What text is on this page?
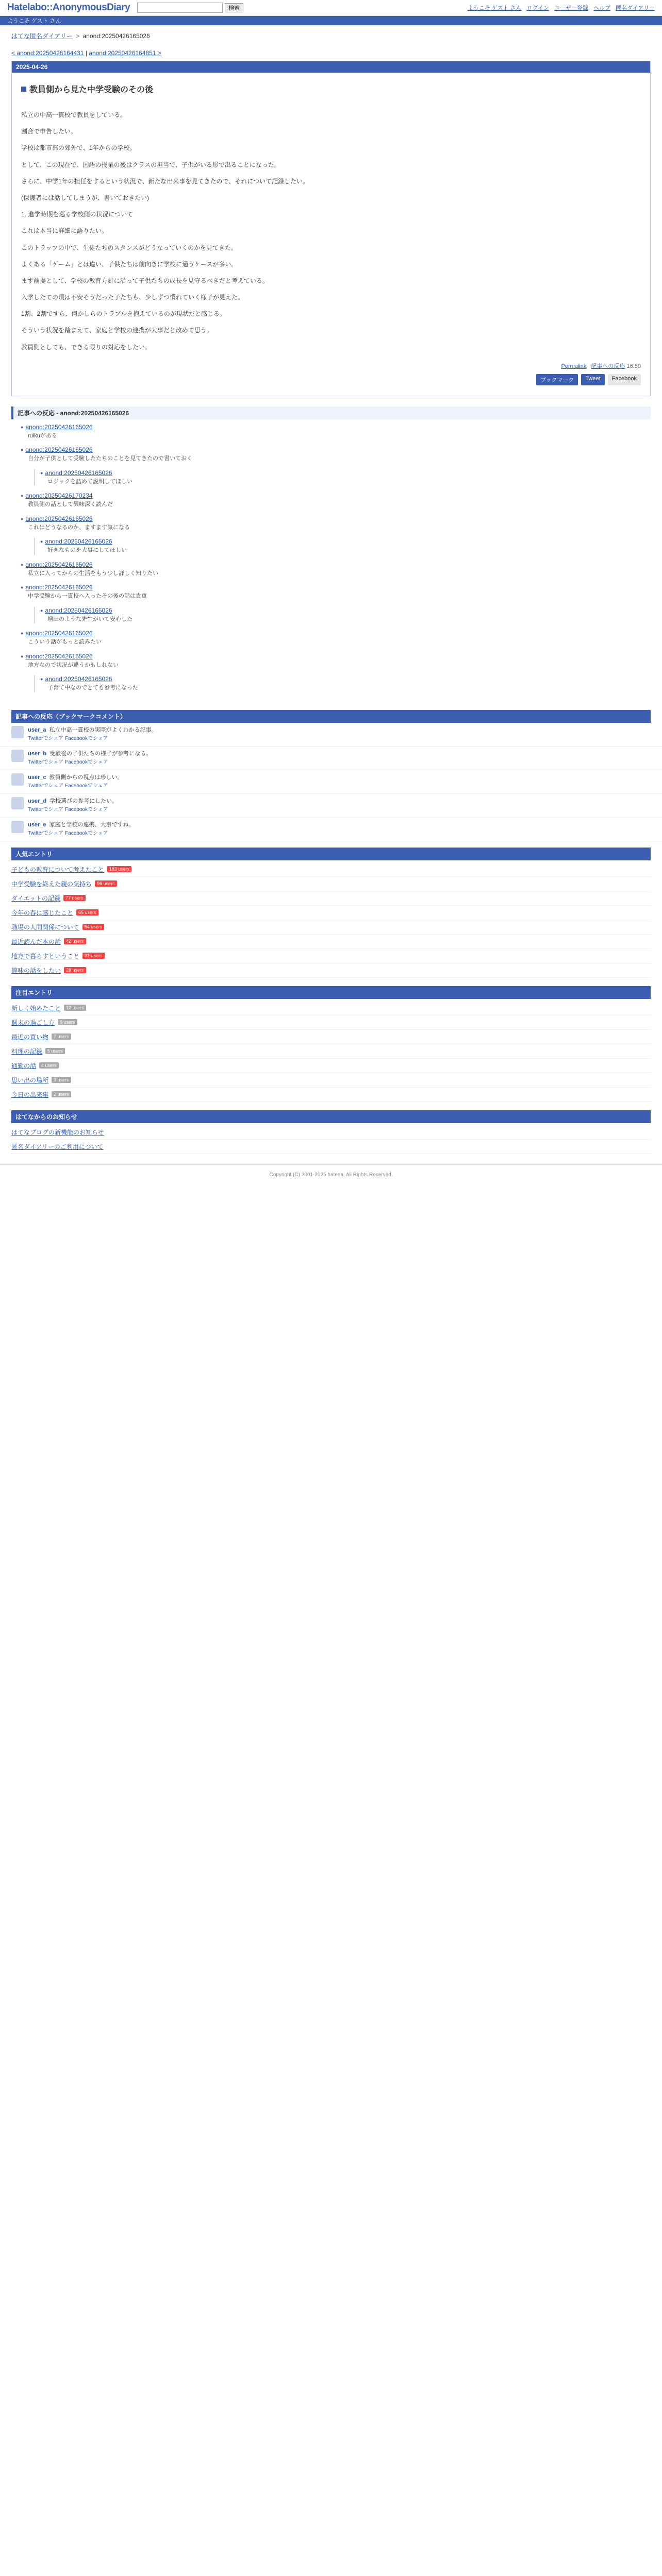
Hatelabo::AnonymousDiary	検索	ようこそ ゲスト さん ログイン ユーザー登録 ヘルプ 匿名ダイアリー
ようこそ ゲスト さん
はてな匿名ダイアリー > anond:20250426165026
< anond:20250426164431 | anond:20250426164851 >
2025-04-26
教員側から見た中学受験のその後

私立の中高一貫校で教員をしている。

割合で申告したい。

学校は都市部の郊外で、1年からの学校。

として、この現在で、国語の授業の後はクラスの担当で、子供がいる形で出ることになった。

さらに、中学1年の担任をするという状況で、新たな出来事を見てきたので、それについて記録したい。

(保護者には話してしまうが、書いておきたい)

1. 進学時期を巡る学校側の状況について

これは本当に詳細に語りたい。

このトラップの中で、生徒たちのスタンスがどうなっていくのかを見てきた。

よくある「ゲーム」とは違い、子供たちは前向きに学校に通うケースが多い。

まず前提として、学校の教育方針に沿って子供たちの成長を見守るべきだと考えている。

入学したての頃は不安そうだった子たちも、少しずつ慣れていく様子が見えた。

1割、2割ですら、何かしらのトラブルを抱えているのが現状だと感じる。

そういう状況を踏まえて、家庭と学校の連携が大事だと改めて思う。

教員側としても、できる限りの対応をしたい。

Permalink 記事への反応 16:50
ブックマーク	Tweet	Facebook
記事への反応 - anond:20250426165026
● anond:20250426165026
ruikuがある
● anond:20250426165026
自分が子供として受験したたちのことを見てきたので書いておく
● anond:20250426165026
ロジックを詰めて説明してほしい
● anond:20250426170234
教員側の話として興味深く読んだ
● anond:20250426165026
これはどうなるのか、ますます気になる
● anond:20250426165026
好きなものを大事にしてほしい
● anond:20250426165026
私立に入ってからの生活をもう少し詳しく知りたい
● anond:20250426165026
中学受験から一貫校へ入ったその後の話は貴重
● anond:20250426165026
増田のような先生がいて安心した
● anond:20250426165026
こういう話がもっと読みたい
● anond:20250426165026
地方なので状況が違うかもしれない
● anond:20250426165026
子育て中なのでとても参考になった
記事への反応（ブックマークコメント）
user_a 私立中高一貫校の実際がよくわかる記事。
Twitterでシェア Facebookでシェア
user_b 受験後の子供たちの様子が参考になる。
Twitterでシェア Facebookでシェア
user_c 教員側からの視点は珍しい。
Twitterでシェア Facebookでシェア
user_d 学校選びの参考にしたい。
Twitterでシェア Facebookでシェア
user_e 家庭と学校の連携、大事ですね。
Twitterでシェア Facebookでシェア
人気エントリ
子どもの教育について考えたこと	183 users
中学受験を終えた親の気持ち	96 users
ダイエットの記録	77 users
今年の春に感じたこと	65 users
職場の人間関係について	54 users
最近読んだ本の話	42 users
地方で暮らすということ	31 users
趣味の話をしたい	28 users
注目エントリ
新しく始めたこと	12 users
週末の過ごし方	9 users
最近の買い物	7 users
料理の記録	5 users
通勤の話	4 users
思い出の場所	3 users
今日の出来事	2 users
はてなからのお知らせ
はてなブログの新機能のお知らせ
匿名ダイアリーのご利用について
Copyright (C) 2001-2025 hatena. All Rights Reserved.
